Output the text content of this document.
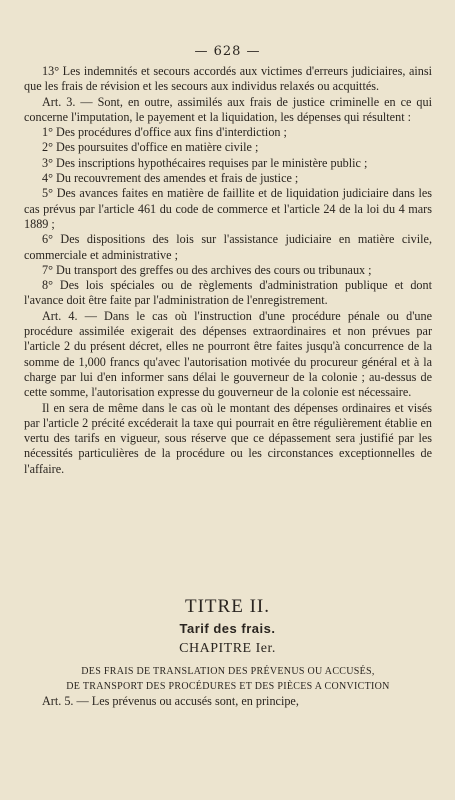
— 628 —

13° Les indemnités et secours accordés aux victimes d'erreurs judiciaires, ainsi que les frais de révision et les secours aux individus relaxés ou acquittés.

Art. 3. — Sont, en outre, assimilés aux frais de justice criminelle en ce qui concerne l'imputation, le payement et la liquidation, les dépenses qui résultent :

1° Des procédures d'office aux fins d'interdiction ;

2° Des poursuites d'office en matière civile ;

3° Des inscriptions hypothécaires requises par le ministère public ;

4° Du recouvrement des amendes et frais de justice ;

5° Des avances faites en matière de faillite et de liquidation judiciaire dans les cas prévus par l'article 461 du code de commerce et l'article 24 de la loi du 4 mars 1889 ;

6° Des dispositions des lois sur l'assistance judiciaire en matière civile, commerciale et administrative ;

7° Du transport des greffes ou des archives des cours ou tribunaux ;

8° Des lois spéciales ou de règlements d'administration publique et dont l'avance doit être faite par l'administration de l'enregistrement.

Art. 4. — Dans le cas où l'instruction d'une procédure pénale ou d'une procédure assimilée exigerait des dépenses extraordinaires et non prévues par l'article 2 du présent décret, elles ne pourront être faites jusqu'à concurrence de la somme de 1,000 francs qu'avec l'autorisation motivée du procureur général et à la charge par lui d'en informer sans délai le gouverneur de la colonie ; au-dessus de cette somme, l'autorisation expresse du gouverneur de la colonie est nécessaire.

Il en sera de même dans le cas où le montant des dépenses ordinaires et visés par l'article 2 précité excéderait la taxe qui pourrait en être régulièrement établie en vertu des tarifs en vigueur, sous réserve que ce dépassement sera justifié par les nécessités particulières de la procédure ou les circonstances exceptionnelles de l'affaire.

TITRE II.
Tarif des frais.
CHAPITRE Ier.
DES FRAIS DE TRANSLATION DES PRÉVENUS OU ACCUSÉS,
DE TRANSPORT DES PROCÉDURES ET DES PIÈCES A CONVICTION
Art. 5. — Les prévenus ou accusés sont, en principe,
